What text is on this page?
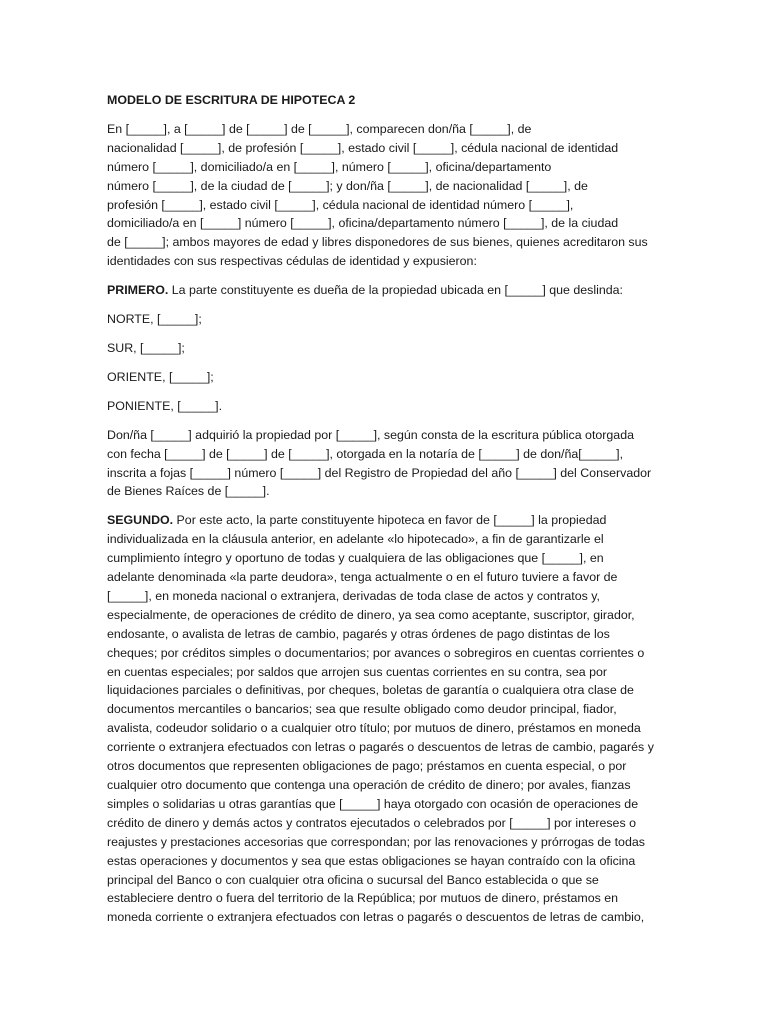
MODELO DE ESCRITURA DE HIPOTECA 2
En [_____], a [_____] de [_____] de [_____], comparecen don/ña [_____], de
nacionalidad [_____], de profesión [_____], estado civil [_____], cédula nacional de identidad
número [_____], domiciliado/a en [_____], número [_____], oficina/departamento
número [_____], de la ciudad de [_____]; y don/ña [_____], de nacionalidad [_____], de
profesión [_____], estado civil [_____], cédula nacional de identidad número [_____],
domiciliado/a en [_____] número [_____], oficina/departamento número [_____], de la ciudad
de [_____]; ambos mayores de edad y libres disponedores de sus bienes, quienes acreditaron sus
identidades con sus respectivas cédulas de identidad y expusieron:
PRIMERO. La parte constituyente es dueña de la propiedad ubicada en [_____] que deslinda:
NORTE, [_____];
SUR, [_____];
ORIENTE, [_____];
PONIENTE, [_____].
Don/ña [_____] adquirió la propiedad por [_____], según consta de la escritura pública otorgada
con fecha [_____] de [_____] de [_____], otorgada en la notaría de [_____] de don/ña[_____],
inscrita a fojas [_____] número [_____] del Registro de Propiedad del año [_____] del Conservador
de Bienes Raíces de [_____].
SEGUNDO. Por este acto, la parte constituyente hipoteca en favor de [_____] la propiedad
individualizada en la cláusula anterior, en adelante «lo hipotecado», a fin de garantizarle el
cumplimiento íntegro y oportuno de todas y cualquiera de las obligaciones que [_____], en
adelante denominada «la parte deudora», tenga actualmente o en el futuro tuviere a favor de
[_____], en moneda nacional o extranjera, derivadas de toda clase de actos y contratos y,
especialmente, de operaciones de crédito de dinero, ya sea como aceptante, suscriptor, girador,
endosante, o avalista de letras de cambio, pagarés y otras órdenes de pago distintas de los
cheques; por créditos simples o documentarios; por avances o sobregiros en cuentas corrientes o
en cuentas especiales; por saldos que arrojen sus cuentas corrientes en su contra, sea por
liquidaciones parciales o definitivas, por cheques, boletas de garantía o cualquiera otra clase de
documentos mercantiles o bancarios; sea que resulte obligado como deudor principal, fiador,
avalista, codeudor solidario o a cualquier otro título; por mutuos de dinero, préstamos en moneda
corriente o extranjera efectuados con letras o pagarés o descuentos de letras de cambio, pagarés y
otros documentos que representen obligaciones de pago; préstamos en cuenta especial, o por
cualquier otro documento que contenga una operación de crédito de dinero; por avales, fianzas
simples o solidarias u otras garantías que [_____] haya otorgado con ocasión de operaciones de
crédito de dinero y demás actos y contratos ejecutados o celebrados por [_____] por intereses o
reajustes y prestaciones accesorias que correspondan; por las renovaciones y prórrogas de todas
estas operaciones y documentos y sea que estas obligaciones se hayan contraído con la oficina
principal del Banco o con cualquier otra oficina o sucursal del Banco establecida o que se
estableciere dentro o fuera del territorio de la República; por mutuos de dinero, préstamos en
moneda corriente o extranjera efectuados con letras o pagarés o descuentos de letras de cambio,
